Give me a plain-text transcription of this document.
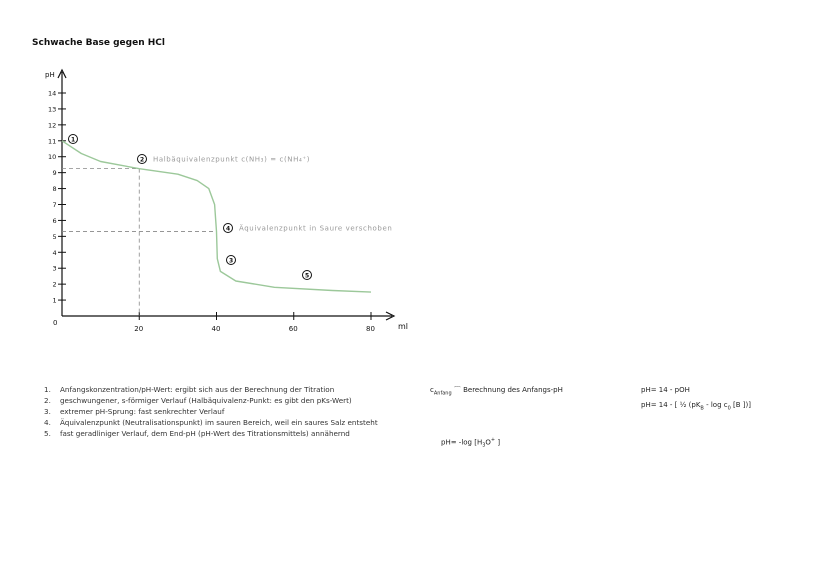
Schwache Base gegen HCl
pH
ml
0
1
2
3
4
5
6
7
8
9
10
11
12
13
14
20	40	60	80
1
2 Halbäquivalenzpunkt c(NH₃) = c(NH₄⁺)
3
4 Äquivalenzpunkt in Saure verschoben
5
1. Anfangskonzentration/pH-Wert: ergibt sich aus der Berechnung der Titration
2. geschwungener, s-förmiger Verlauf (Halbäquivalenz-Punkt: es gibt den pKs-Wert)
3. extremer pH-Sprung: fast senkrechter Verlauf
4. Äquivalenzpunkt (Neutralisationspunkt) im sauren Bereich, weil ein saures Salz entsteht
5. fast geradliniger Verlauf, dem End-pH (pH-Wert des Titrationsmittels) annähernd
$c_{Anfang}$ ⌒ Berechnung des Anfangs-pH	pH= 14 - pOH
pH= 14 - [ ½ ($pK_B$ - $\log c_0$ [B ])]
pH= -log [$H_3O^+$ ]
